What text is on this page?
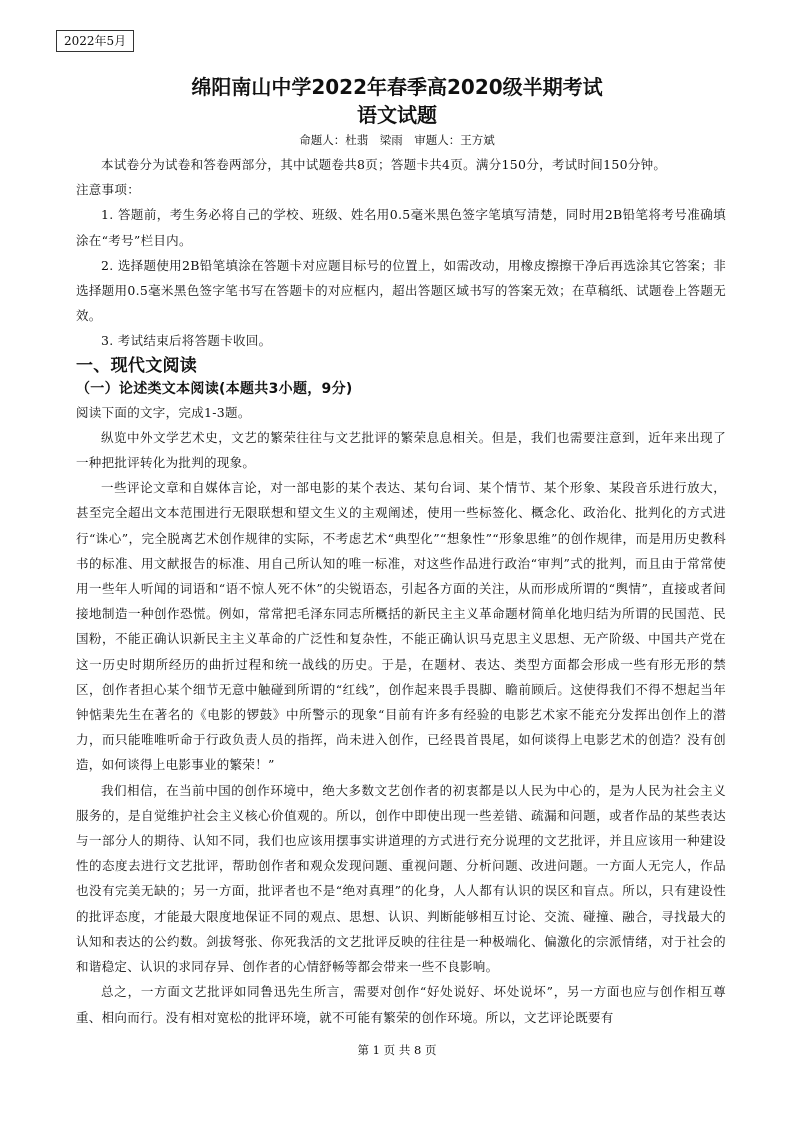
2022年5月
绵阳南山中学2022年春季高2020级半期考试
语文试题
命题人：杜翡　梁雨　审题人：王方斌

本试卷分为试卷和答卷两部分，其中试题卷共8页；答题卡共4页。满分150分，考试时间150分钟。

注意事项：

1. 答题前，考生务必将自己的学校、班级、姓名用0.5毫米黑色签字笔填写清楚，同时用2B铅笔将考号准确填涂在“考号”栏目内。

2. 选择题使用2B铅笔填涂在答题卡对应题目标号的位置上，如需改动，用橡皮擦擦干净后再选涂其它答案；非选择题用0.5毫米黑色签字笔书写在答题卡的对应框内，超出答题区域书写的答案无效；在草稿纸、试题卷上答题无效。

3. 考试结束后将答题卡收回。

一、现代文阅读

（一）论述类文本阅读(本题共3小题，9分)

阅读下面的文字，完成1-3题。

纵览中外文学艺术史，文艺的繁荣往往与文艺批评的繁荣息息相关。但是，我们也需要注意到，近年来出现了一种把批评转化为批判的现象。

一些评论文章和自媒体言论，对一部电影的某个表达、某句台词、某个情节、某个形象、某段音乐进行放大，甚至完全超出文本范围进行无限联想和望文生义的主观阐述，使用一些标签化、概念化、政治化、批判化的方式进行“诛心”，完全脱离艺术创作规律的实际，不考虑艺术“典型化”“想象性”“形象思维”的创作规律，而是用历史教科书的标准、用文献报告的标准、用自己所认知的唯一标准，对这些作品进行政治“审判”式的批判，而且由于常常使用一些年人听闻的词语和“语不惊人死不休”的尖锐语态，引起各方面的关注，从而形成所谓的“舆情”，直接或者间接地制造一种创作恐慌。例如，常常把毛泽东同志所概括的新民主主义革命题材简单化地归结为所谓的民国范、民国粉，不能正确认识新民主主义革命的广泛性和复杂性，不能正确认识马克思主义思想、无产阶级、中国共产党在这一历史时期所经历的曲折过程和统一战线的历史。于是，在题材、表达、类型方面都会形成一些有形无形的禁区，创作者担心某个细节无意中触碰到所谓的“红线”，创作起来畏手畏脚、瞻前顾后。这使得我们不得不想起当年钟惦棐先生在著名的《电影的锣鼓》中所警示的现象“目前有许多有经验的电影艺术家不能充分发挥出创作上的潜力，而只能唯唯听命于行政负责人员的指挥，尚未进入创作，已经畏首畏尾，如何谈得上电影艺术的创造？没有创造，如何谈得上电影事业的繁荣！”

我们相信，在当前中国的创作环境中，绝大多数文艺创作者的初衷都是以人民为中心的，是为人民为社会主义服务的，是自觉维护社会主义核心价值观的。所以，创作中即使出现一些差错、疏漏和问题，或者作品的某些表达与一部分人的期待、认知不同，我们也应该用摆事实讲道理的方式进行充分说理的文艺批评，并且应该用一种建设性的态度去进行文艺批评，帮助创作者和观众发现问题、重视问题、分析问题、改进问题。一方面人无完人，作品也没有完美无缺的；另一方面，批评者也不是“绝对真理”的化身，人人都有认识的误区和盲点。所以，只有建设性的批评态度，才能最大限度地保证不同的观点、思想、认识、判断能够相互讨论、交流、碰撞、融合，寻找最大的认知和表达的公约数。剑拔弩张、你死我活的文艺批评反映的往往是一种极端化、偏激化的宗派情绪，对于社会的和谐稳定、认识的求同存异、创作者的心情舒畅等都会带来一些不良影响。

总之，一方面文艺批评如同鲁迅先生所言，需要对创作“好处说好、坏处说坏”，另一方面也应与创作相互尊重、相向而行。没有相对宽松的批评环境，就不可能有繁荣的创作环境。所以，文艺评论既要有

第 1 页 共 8 页
